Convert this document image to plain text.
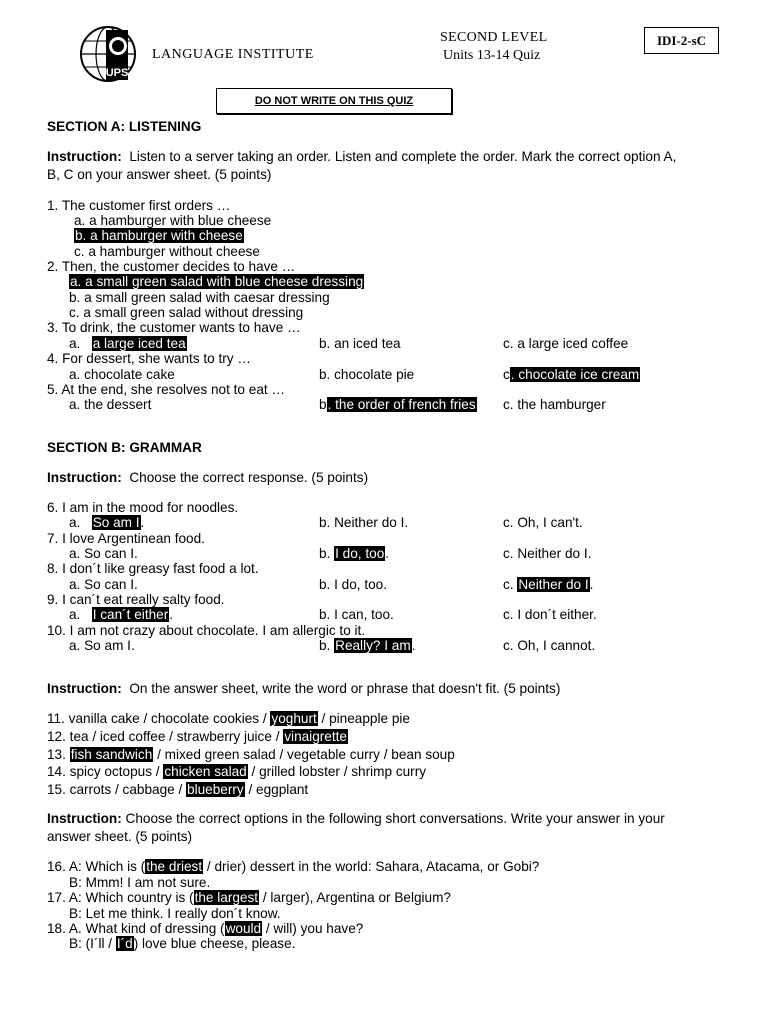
UPS
LANGUAGE INSTITUTE
SECOND LEVEL
Units 13-14 Quiz
IDI-2-sC
DO NOT WRITE ON THIS QUIZ
SECTION A: LISTENING
Instruction: Listen to a server taking an order. Listen and complete the order. Mark the correct option A,
B, C on your answer sheet. (5 points)
1. The customer first orders …
a. a hamburger with blue cheese
b. a hamburger with cheese
c. a hamburger without cheese
2. Then, the customer decides to have …
a. a small green salad with blue cheese dressing
b. a small green salad with caesar dressing
c. a small green salad without dressing
3. To drink, the customer wants to have …
a. a large iced tea	b. an iced tea	c. a large iced coffee
4. For dessert, she wants to try …
a. chocolate cake	b. chocolate pie	c. chocolate ice cream
5. At the end, she resolves not to eat …
a. the dessert	b. the order of french fries c. the hamburger
SECTION B: GRAMMAR
Instruction: Choose the correct response. (5 points)
6. I am in the mood for noodles.
a. So am I.	b. Neither do I.	c. Oh, I can't.
7. I love Argentinean food.
a. So can I.	b. I do, too.	c. Neither do I.
8. I don´t like greasy fast food a lot.
a. So can I.	b. I do, too.	c. Neither do I.
9. I can´t eat really salty food.
a. I can´t either.	b. I can, too.	c. I don´t either.
10. I am not crazy about chocolate. I am allergic to it.
a. So am I.	b. Really? I am.	c. Oh, I cannot.
Instruction: On the answer sheet, write the word or phrase that doesn't fit. (5 points)
11. vanilla cake / chocolate cookies / yoghurt / pineapple pie
12. tea / iced coffee / strawberry juice / vinaigrette
13. fish sandwich / mixed green salad / vegetable curry / bean soup
14. spicy octopus / chicken salad / grilled lobster / shrimp curry
15. carrots / cabbage / blueberry / eggplant
Instruction: Choose the correct options in the following short conversations. Write your answer in your
answer sheet. (5 points)
16. A: Which is (the driest / drier) dessert in the world: Sahara, Atacama, or Gobi?
B: Mmm! I am not sure.
17. A: Which country is (the largest / larger), Argentina or Belgium?
B: Let me think. I really don´t know.
18. A. What kind of dressing (would / will) you have?
B: (I´ll / I´d) love blue cheese, please.
